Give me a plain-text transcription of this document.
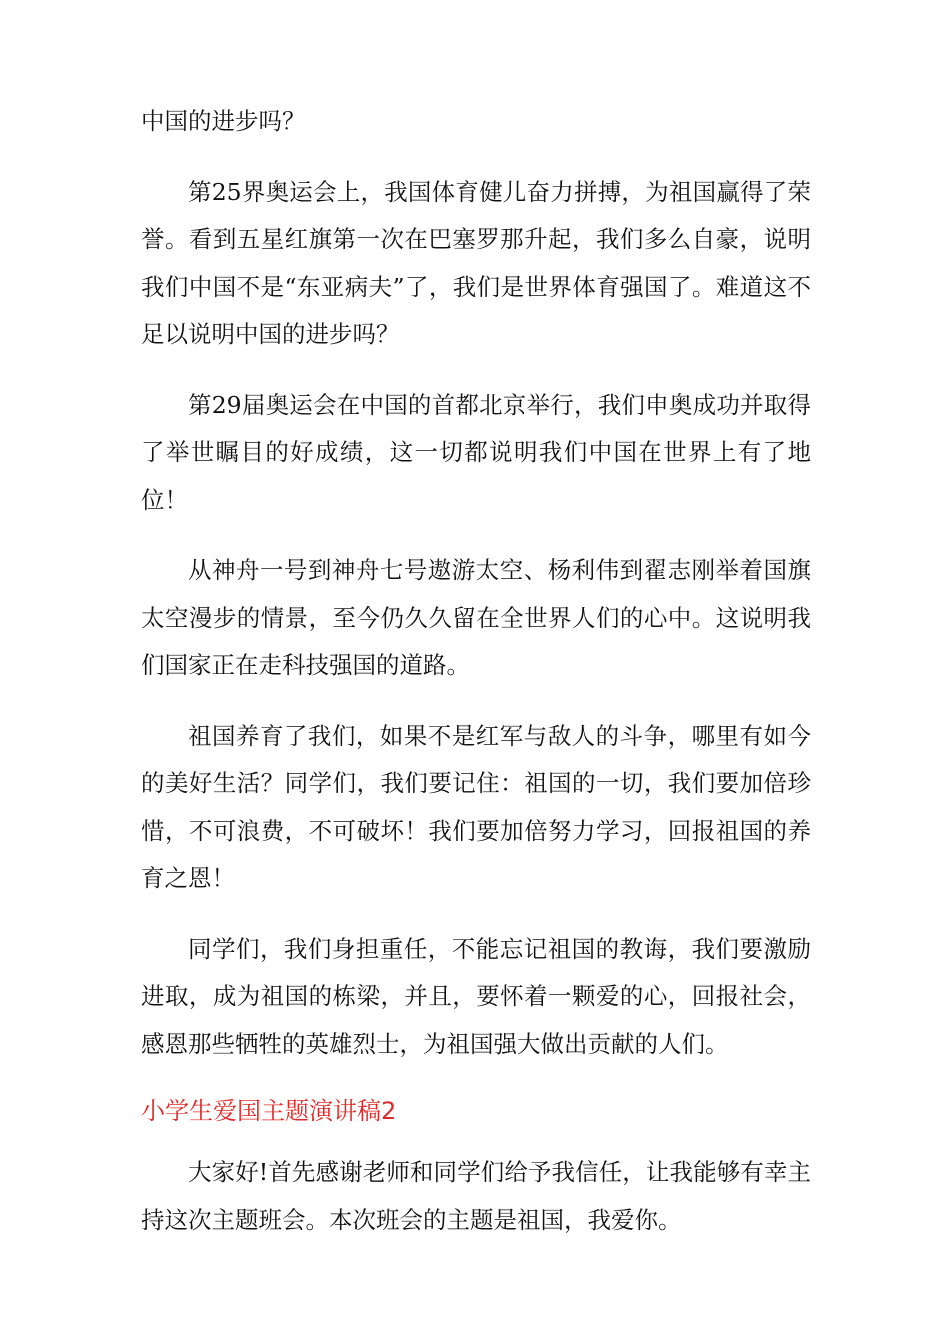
中国的进步吗？

第25界奥运会上，我国体育健儿奋力拼搏，为祖国赢得了荣誉。看到五星红旗第一次在巴塞罗那升起，我们多么自豪，说明我们中国不是“东亚病夫”了，我们是世界体育强国了。难道这不足以说明中国的进步吗？

第29届奥运会在中国的首都北京举行，我们申奥成功并取得了举世瞩目的好成绩，这一切都说明我们中国在世界上有了地位！

从神舟一号到神舟七号遨游太空、杨利伟到翟志刚举着国旗太空漫步的情景，至今仍久久留在全世界人们的心中。这说明我们国家正在走科技强国的道路。

祖国养育了我们，如果不是红军与敌人的斗争，哪里有如今的美好生活？同学们，我们要记住：祖国的一切，我们要加倍珍惜，不可浪费，不可破坏！我们要加倍努力学习，回报祖国的养育之恩！

同学们，我们身担重任，不能忘记祖国的教诲，我们要激励进取，成为祖国的栋梁，并且，要怀着一颗爱的心，回报社会，感恩那些牺牲的英雄烈士，为祖国强大做出贡献的人们。

小学生爱国主题演讲稿2

大家好!首先感谢老师和同学们给予我信任，让我能够有幸主持这次主题班会。本次班会的主题是祖国，我爱你。
